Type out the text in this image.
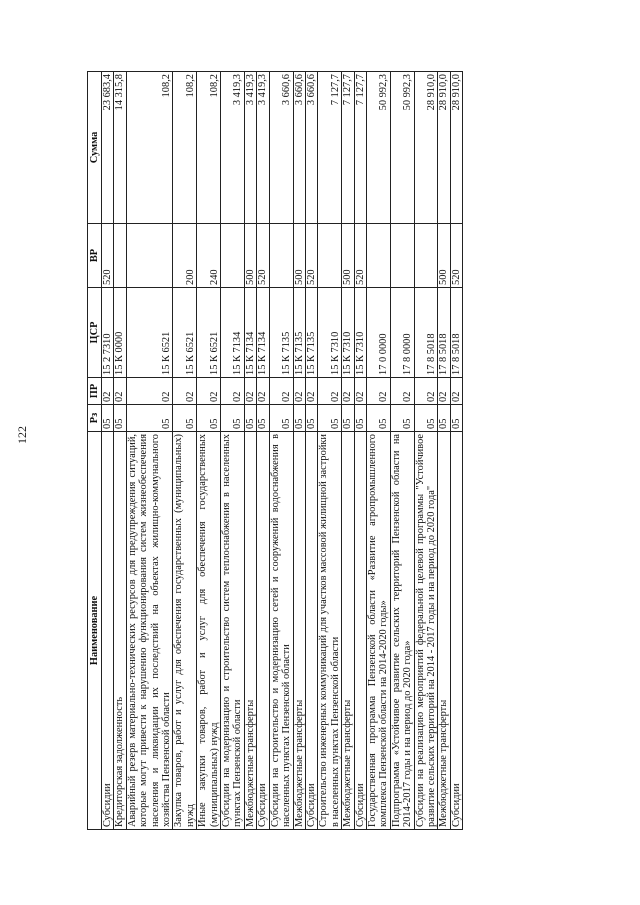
122
Наименование	Рз	ПР	ЦСР	ВР	Сумма
Субсидии	05	02	15 2 7310	520	23 683,4
Кредиторская задолженность	05	02	15 К 0000		14 315,8
Аварийный резерв материально-технических ресурсов для предупреждения ситуаций, которые могут привести к нарушению функционирования систем жизнеобеспечения населения и ликвидации их последствий на объектах жилищно-коммунального хозяйства Пензенской области	05	02	15 К 6521		108,2
Закупка товаров, работ и услуг для обеспечения государственных (муниципальных) нужд	05	02	15 К 6521	200	108,2
Иные закупки товаров, работ и услуг для обеспечения государственных (муниципальных) нужд	05	02	15 К 6521	240	108,2
Субсидии на модернизацию и строительство систем теплоснабжения в населенных пунктах Пензенской области	05	02	15 К 7134		3 419,3
Межбюджетные трансферты	05	02	15 К 7134	500	3 419,3
Субсидии	05	02	15 К 7134	520	3 419,3
Субсидии на строительство и модернизацию сетей и сооружений водоснабжения в населенных пунктах Пензенской области	05	02	15 К 7135		3 660,6
Межбюджетные трансферты	05	02	15 К 7135	500	3 660,6
Субсидии	05	02	15 К 7135	520	3 660,6
Строительство инженерных коммуникаций для участков массовой жилищной застройки в населенных пунктах Пензенской области	05	02	15 К 7310		7 127,7
Межбюджетные трансферты	05	02	15 К 7310	500	7 127,7
Субсидии	05	02	15 К 7310	520	7 127,7
Государственная программа Пензенской области «Развитие агропромышленного комплекса Пензенской области на 2014-2020 годы»	05	02	17 0 0000		50 992,3
Подпрограмма «Устойчивое развитие сельских территорий Пензенской области на 2014-2017 годы и на период до 2020 года»	05	02	17 8 0000		50 992,3
Субсидии на реализацию мероприятий федеральной целевой программы "Устойчивое развитие сельских территорий на 2014 - 2017 годы и на период до 2020 года"	05	02	17 8 5018		28 910,0
Межбюджетные трансферты	05	02	17 8 5018	500	28 910,0
Субсидии	05	02	17 8 5018	520	28 910,0
